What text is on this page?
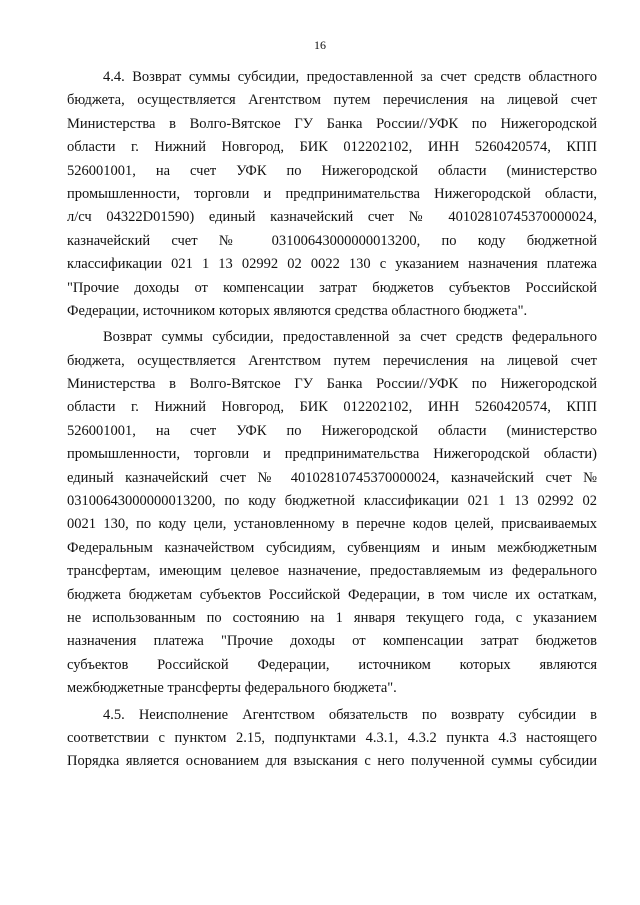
16
4.4. Возврат суммы субсидии, предоставленной за счет средств областного
бюджета, осуществляется Агентством путем перечисления на лицевой счет
Министерства в Волго-Вятское ГУ Банка России//УФК по Нижегородской
области г. Нижний Новгород, БИК 012202102, ИНН 5260420574, КПП
526001001, на счет УФК по Нижегородской области (министерство
промышленности, торговли и предпринимательства Нижегородской области,
л/сч 04322D01590) единый казначейский счет № 40102810745370000024,
казначейский счет № 03100643000000013200, по коду бюджетной
классификации 021 1 13 02992 02 0022 130 с указанием назначения платежа
"Прочие доходы от компенсации затрат бюджетов субъектов Российской
Федерации, источником которых являются средства областного бюджета".
Возврат суммы субсидии, предоставленной за счет средств федерального
бюджета, осуществляется Агентством путем перечисления на лицевой счет
Министерства в Волго-Вятское ГУ Банка России//УФК по Нижегородской
области г. Нижний Новгород, БИК 012202102, ИНН 5260420574, КПП
526001001, на счет УФК по Нижегородской области (министерство
промышленности, торговли и предпринимательства Нижегородской области)
единый казначейский счет № 40102810745370000024, казначейский счет №
03100643000000013200, по коду бюджетной классификации 021 1 13 02992 02
0021 130, по коду цели, установленному в перечне кодов целей, присваиваемых
Федеральным казначейством субсидиям, субвенциям и иным межбюджетным
трансфертам, имеющим целевое назначение, предоставляемым из федерального
бюджета бюджетам субъектов Российской Федерации, в том числе их остаткам,
не использованным по состоянию на 1 января текущего года, с указанием
назначения платежа "Прочие доходы от компенсации затрат бюджетов
субъектов Российской Федерации, источником которых являются
межбюджетные трансферты федерального бюджета".
4.5. Неисполнение Агентством обязательств по возврату субсидии в
соответствии с пунктом 2.15, подпунктами 4.3.1, 4.3.2 пункта 4.3 настоящего
Порядка является основанием для взыскания с него полученной суммы субсидии
